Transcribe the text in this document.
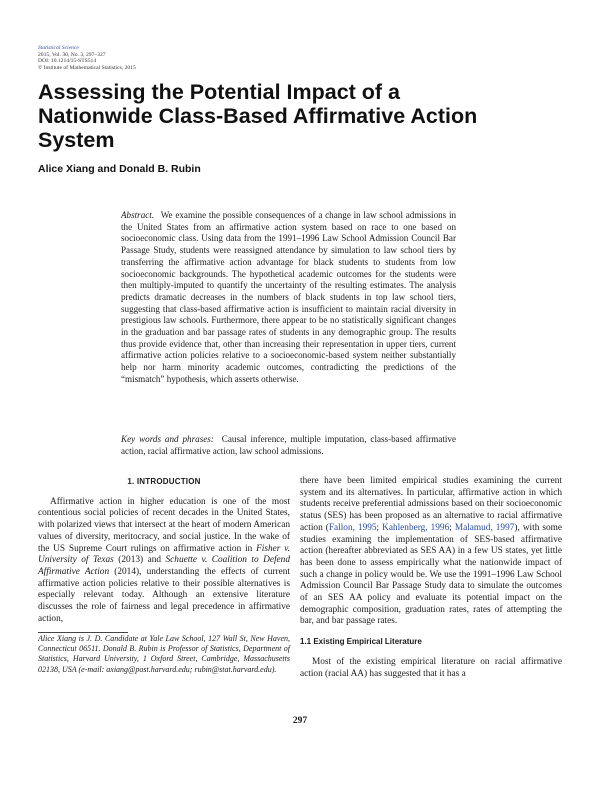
Statistical Science
2015, Vol. 30, No. 3, 297–327
DOI: 10.1214/15-STS514
© Institute of Mathematical Statistics, 2015
Assessing the Potential Impact of a Nationwide Class-Based Affirmative Action System
Alice Xiang and Donald B. Rubin

Abstract. We examine the possible consequences of a change in law school admissions in the United States from an affirmative action system based on race to one based on socioeconomic class. Using data from the 1991–1996 Law School Admission Council Bar Passage Study, students were reassigned attendance by simulation to law school tiers by transferring the affirmative action advantage for black students to students from low socioeconomic backgrounds. The hypothetical academic outcomes for the students were then multiply-imputed to quantify the uncertainty of the resulting estimates. The analysis predicts dramatic decreases in the numbers of black students in top law school tiers, suggesting that class-based affirmative action is insufficient to maintain racial diversity in prestigious law schools. Furthermore, there appear to be no statistically significant changes in the graduation and bar passage rates of students in any demographic group. The results thus provide evidence that, other than increasing their representation in upper tiers, current affirmative action policies relative to a socioeconomic-based system neither substantially help nor harm minority academic outcomes, contradicting the predictions of the “mismatch” hypothesis, which asserts otherwise.

Key words and phrases: Causal inference, multiple imputation, class-based affirmative action, racial affirmative action, law school admissions.

1. INTRODUCTION

Affirmative action in higher education is one of the most contentious social policies of recent decades in the United States, with polarized views that intersect at the heart of modern American values of diversity, meritocracy, and social justice. In the wake of the US Supreme Court rulings on affirmative action in Fisher v. University of Texas (2013) and Schuette v. Coalition to Defend Affirmative Action (2014), understanding the effects of current affirmative action policies relative to their possible alternatives is especially relevant today. Although an extensive literature discusses the role of fairness and legal precedence in affirmative action,

Alice Xiang is J. D. Candidate at Yale Law School, 127 Wall St, New Haven, Connecticut 06511. Donald B. Rubin is Professor of Statistics, Department of Statistics, Harvard University, 1 Oxford Street, Cambridge, Massachusetts 02138, USA (e-mail: axiang@post.harvard.edu; rubin@stat.harvard.edu).

there have been limited empirical studies examining the current system and its alternatives. In particular, affirmative action in which students receive preferential admissions based on their socioeconomic status (SES) has been proposed as an alternative to racial affirmative action (Fallon, 1995; Kahlenberg, 1996; Malamud, 1997), with some studies examining the implementation of SES-based affirmative action (hereafter abbreviated as SES AA) in a few US states, yet little has been done to assess empirically what the nationwide impact of such a change in policy would be. We use the 1991–1996 Law School Admission Council Bar Passage Study data to simulate the outcomes of an SES AA policy and evaluate its potential impact on the demographic composition, graduation rates, rates of attempting the bar, and bar passage rates.

1.1 Existing Empirical Literature

Most of the existing empirical literature on racial affirmative action (racial AA) has suggested that it has a

297
